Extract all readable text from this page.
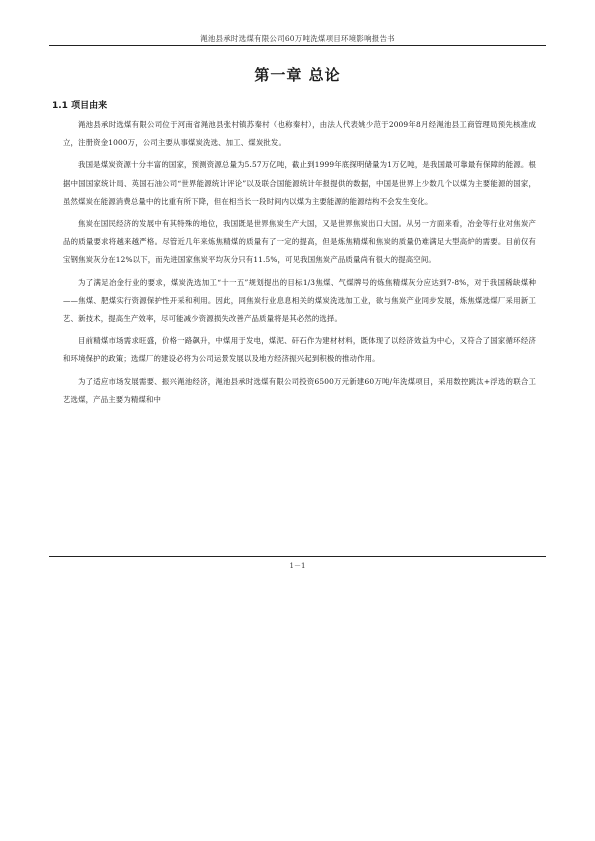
渑池县承时选煤有限公司60万吨洗煤项目环境影响报告书
第一章 总论
1.1 项目由来

渑池县承时选煤有限公司位于河南省渑池县张村镇苏秦村（也称秦村），由法人代表姚少范于2009年8月经渑池县工商管理局预先核准成立，注册资金1000万，公司主要从事煤炭洗选、加工、煤炭批发。

我国是煤炭资源十分丰富的国家，预测资源总量为5.57万亿吨，截止到1999年底探明储量为1万亿吨，是我国最可靠最有保障的能源。根据中国国家统计局、英国石油公司“世界能源统计评论”以及联合国能源统计年报提供的数据，中国是世界上少数几个以煤为主要能源的国家，虽然煤炭在能源消费总量中的比重有所下降，但在相当长一段时间内以煤为主要能源的能源结构不会发生变化。

焦炭在国民经济的发展中有其特殊的地位，我国既是世界焦炭生产大国，又是世界焦炭出口大国。从另一方面来看，冶金等行业对焦炭产品的质量要求将越来越严格。尽管近几年来炼焦精煤的质量有了一定的提高，但是炼焦精煤和焦炭的质量仍难满足大型高炉的需要。目前仅有宝钢焦炭灰分在12%以下，而先进国家焦炭平均灰分只有11.5%，可见我国焦炭产品质量尚有很大的提高空间。

为了满足冶金行业的要求，煤炭洗选加工“十一五”规划提出的目标1/3焦煤、气煤牌号的炼焦精煤灰分应达到7-8%，对于我国稀缺煤种——焦煤、肥煤实行资源保护性开采和利用。因此，同焦炭行业息息相关的煤炭洗选加工业，欲与焦炭产业同步发展，炼焦煤选煤厂采用新工艺、新技术，提高生产效率，尽可能减少资源损失改善产品质量将是其必然的选择。

目前精煤市场需求旺盛，价格一路飙升，中煤用于发电，煤泥、矸石作为建材材料，既体现了以经济效益为中心，又符合了国家循环经济和环境保护的政策；选煤厂的建设必将为公司运景发展以及地方经济振兴起到积极的推动作用。

为了适应市场发展需要、振兴渑池经济，渑池县承时选煤有限公司投资6500万元新建60万吨/年洗煤项目，采用数控跳汰+浮选的联合工艺选煤，产品主要为精煤和中

1－1
